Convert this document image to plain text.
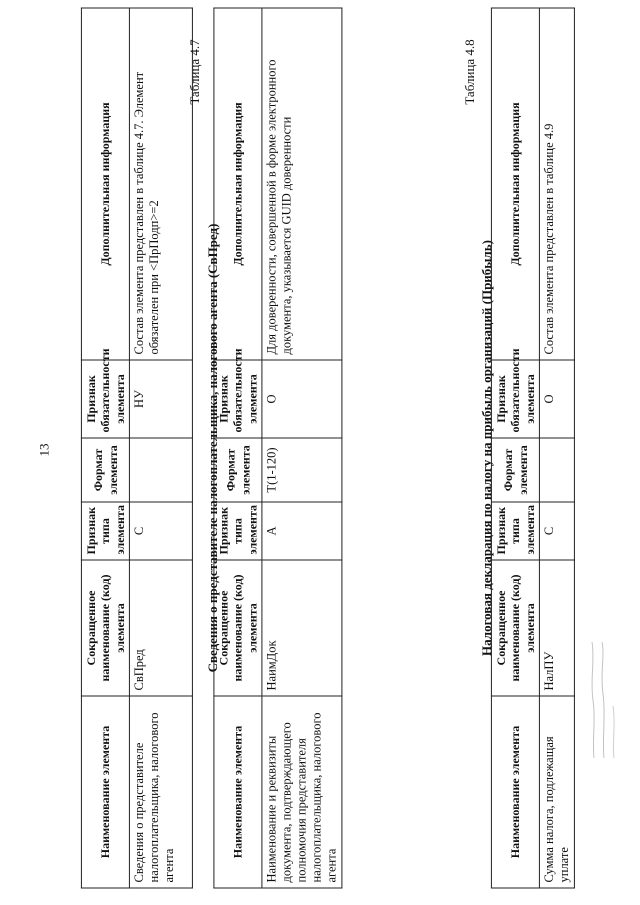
13
Наименование элемента	Сокращенное наименование (код) элемента	Признак типа элемента	Формат элемента	Признак обязательности элемента	Дополнительная информация
Сведения о представителе налогоплательщика, налогового агента	СвПред	С		НУ	Состав элемента представлен в таблице 4.7. Элемент обязателен при <ПрПодп>=2
Таблица 4.7
Сведения о представителе налогоплательщика, налогового агента (СвПред)
Наименование элемента	Сокращенное наименование (код) элемента	Признак типа элемента	Формат элемента	Признак обязательности элемента	Дополнительная информация
Наименование и реквизиты документа, подтверждающего полномочия представителя налогоплательщика, налогового агента	НаимДок	А	T(1-120)	О	Для доверенности, совершенной в форме электронного документа, указывается GUID доверенности
Таблица 4.8
Налоговая декларация по налогу на прибыль организаций (Прибыль)
Наименование элемента	Сокращенное наименование (код) элемента	Признак типа элемента	Формат элемента	Признак обязательности элемента	Дополнительная информация
Сумма налога, подлежащая уплате	НалПУ	С		О	Состав элемента представлен в таблице 4.9
